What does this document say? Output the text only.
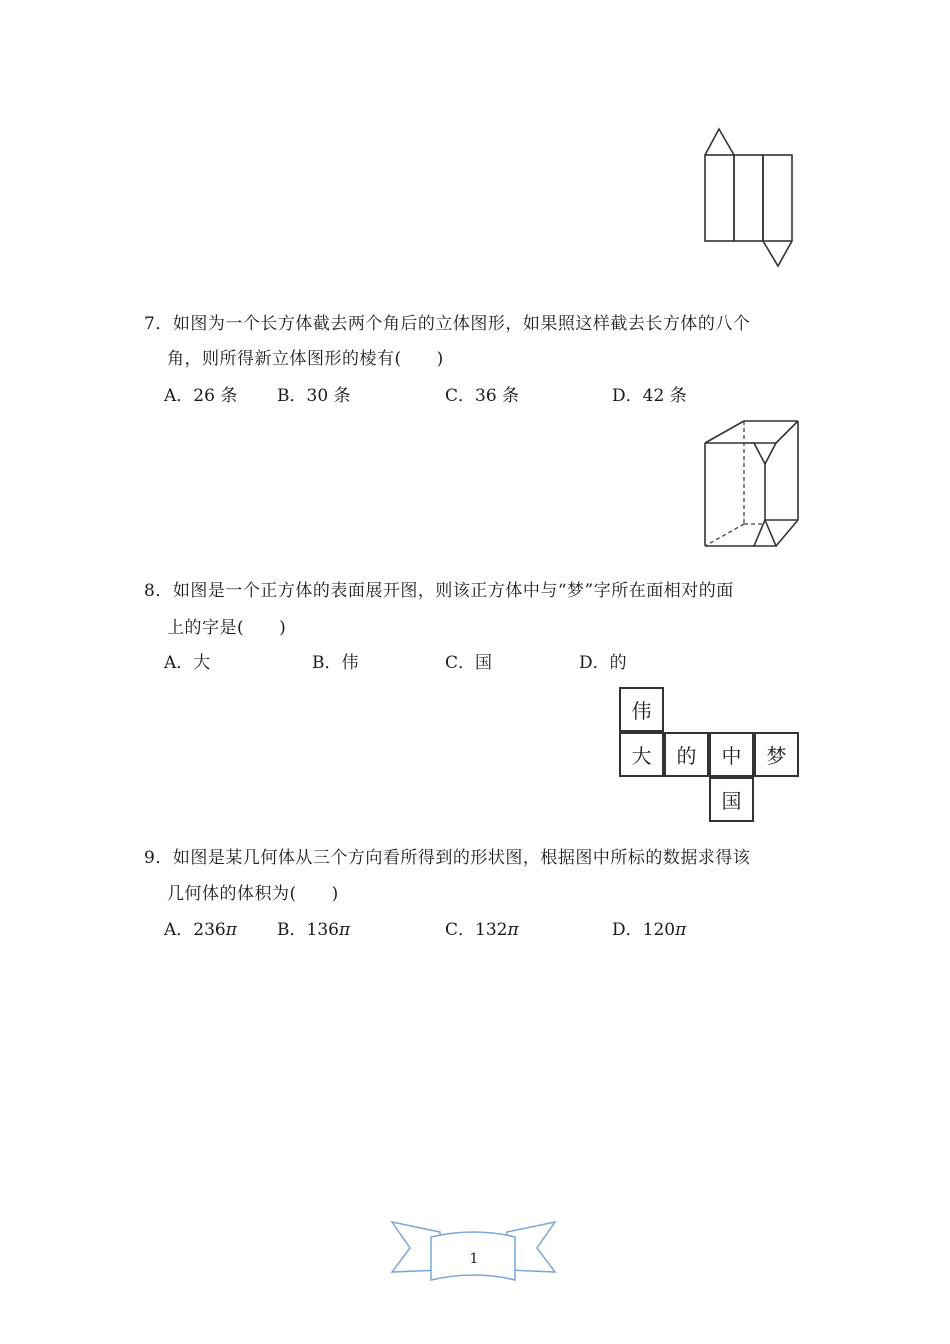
7．如图为一个长方体截去两个角后的立体图形，如果照这样截去长方体的八个
角，则所得新立体图形的棱有(　　)
A．26 条 B．30 条	C．36 条	D．42 条
8．如图是一个正方体的表面展开图，则该正方体中与“梦”字所在面相对的面
上的字是(　　)
A．大	B．伟	C．国	D．的
伟
大	的	中	梦
国
9．如图是某几何体从三个方向看所得到的形状图，根据图中所标的数据求得该
几何体的体积为(　　)
A．236π B．136π	C．132π	D．120π
1
